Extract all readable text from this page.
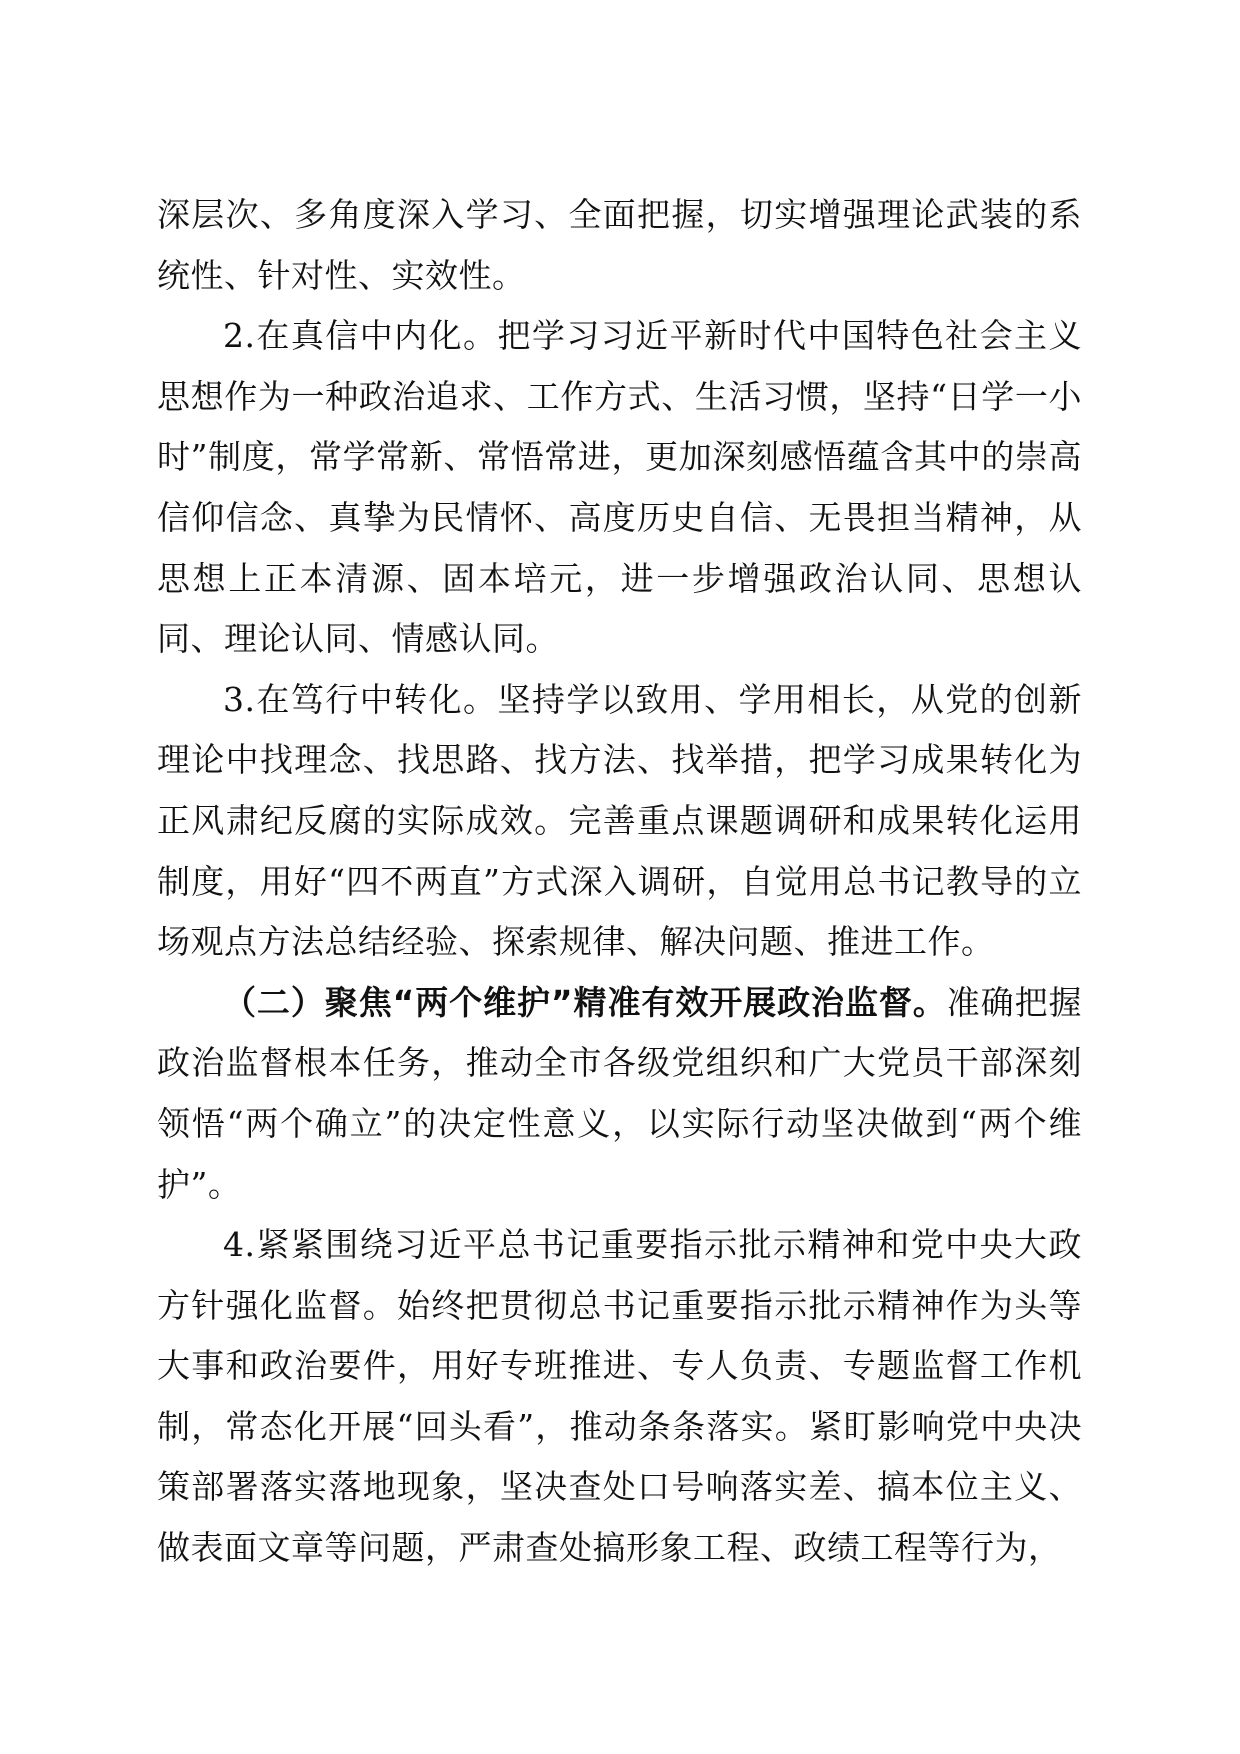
深层次、多角度深入学习、全面把握，切实增强理论武装的系统性、针对性、实效性。

2.在真信中内化。把学习习近平新时代中国特色社会主义思想作为一种政治追求、工作方式、生活习惯，坚持“日学一小时”制度，常学常新、常悟常进，更加深刻感悟蕴含其中的崇高信仰信念、真挚为民情怀、高度历史自信、无畏担当精神，从思想上正本清源、固本培元，进一步增强政治认同、思想认同、理论认同、情感认同。

3.在笃行中转化。坚持学以致用、学用相长，从党的创新理论中找理念、找思路、找方法、找举措，把学习成果转化为正风肃纪反腐的实际成效。完善重点课题调研和成果转化运用制度，用好“四不两直”方式深入调研，自觉用总书记教导的立场观点方法总结经验、探索规律、解决问题、推进工作。

（二）聚焦“两个维护”精准有效开展政治监督。准确把握政治监督根本任务，推动全市各级党组织和广大党员干部深刻领悟“两个确立”的决定性意义，以实际行动坚决做到“两个维护”。

4.紧紧围绕习近平总书记重要指示批示精神和党中央大政方针强化监督。始终把贯彻总书记重要指示批示精神作为头等大事和政治要件，用好专班推进、专人负责、专题监督工作机制，常态化开展“回头看”，推动条条落实。紧盯影响党中央决策部署落实落地现象，坚决查处口号响落实差、搞本位主义、做表面文章等问题，严肃查处搞形象工程、政绩工程等行为，
